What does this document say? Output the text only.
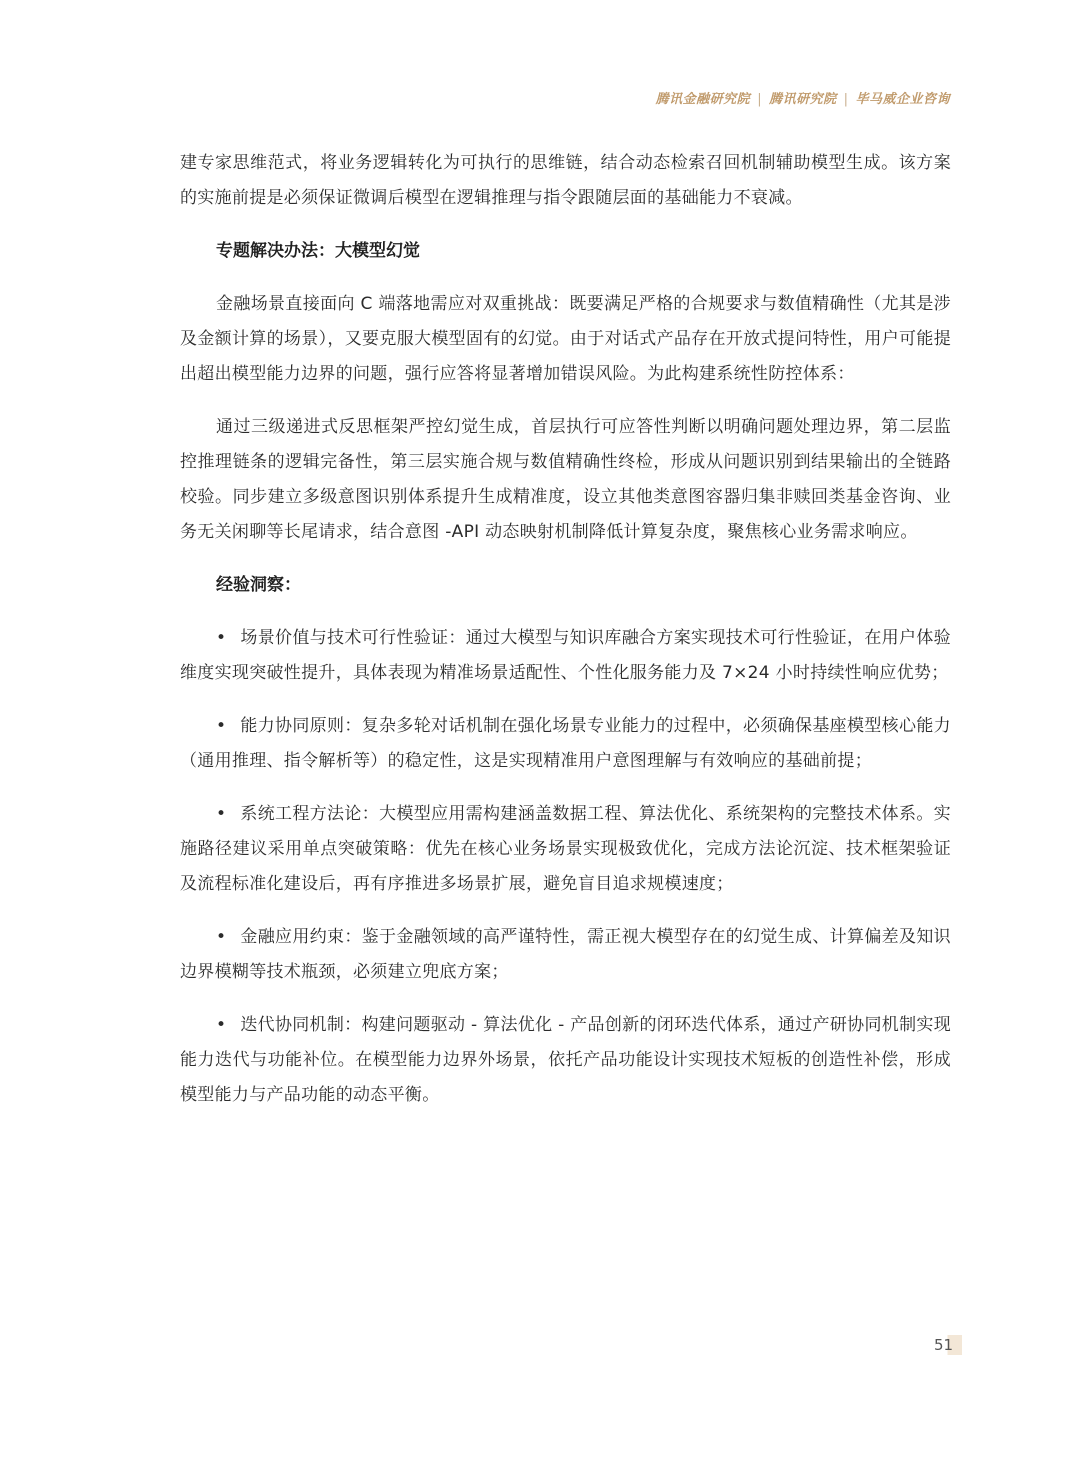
腾讯金融研究院 | 腾讯研究院 | 毕马威企业咨询

建专家思维范式，将业务逻辑转化为可执行的思维链，结合动态检索召回机制辅助模型生成。该方案的实施前提是必须保证微调后模型在逻辑推理与指令跟随层面的基础能力不衰减。

专题解决办法：大模型幻觉

金融场景直接面向 C 端落地需应对双重挑战：既要满足严格的合规要求与数值精确性（尤其是涉及金额计算的场景），又要克服大模型固有的幻觉。由于对话式产品存在开放式提问特性，用户可能提出超出模型能力边界的问题，强行应答将显著增加错误风险。为此构建系统性防控体系：

通过三级递进式反思框架严控幻觉生成，首层执行可应答性判断以明确问题处理边界，第二层监控推理链条的逻辑完备性，第三层实施合规与数值精确性终检，形成从问题识别到结果输出的全链路校验。同步建立多级意图识别体系提升生成精准度，设立其他类意图容器归集非赎回类基金咨询、业务无关闲聊等长尾请求，结合意图 -API 动态映射机制降低计算复杂度，聚焦核心业务需求响应。

经验洞察：

• 场景价值与技术可行性验证：通过大模型与知识库融合方案实现技术可行性验证，在用户体验维度实现突破性提升，具体表现为精准场景适配性、个性化服务能力及 7×24 小时持续性响应优势；

• 能力协同原则：复杂多轮对话机制在强化场景专业能力的过程中，必须确保基座模型核心能力（通用推理、指令解析等）的稳定性，这是实现精准用户意图理解与有效响应的基础前提；

• 系统工程方法论：大模型应用需构建涵盖数据工程、算法优化、系统架构的完整技术体系。实施路径建议采用单点突破策略：优先在核心业务场景实现极致优化，完成方法论沉淀、技术框架验证及流程标准化建设后，再有序推进多场景扩展，避免盲目追求规模速度；

• 金融应用约束：鉴于金融领域的高严谨特性，需正视大模型存在的幻觉生成、计算偏差及知识边界模糊等技术瓶颈，必须建立兜底方案；

• 迭代协同机制：构建问题驱动 - 算法优化 - 产品创新的闭环迭代体系，通过产研协同机制实现能力迭代与功能补位。在模型能力边界外场景，依托产品功能设计实现技术短板的创造性补偿，形成模型能力与产品功能的动态平衡。

51
